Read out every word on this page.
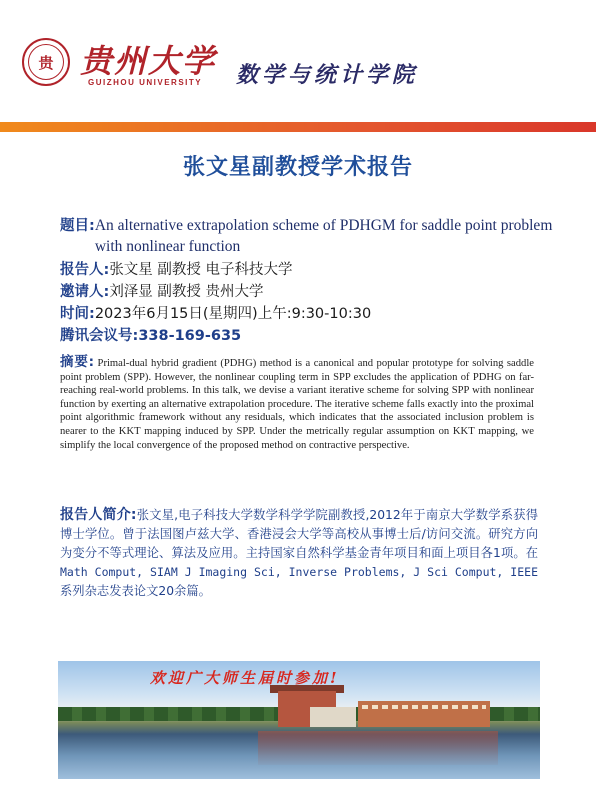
贵 贵州大学
GUIZHOU UNIVERSITY 数学与统计学院
张文星副教授学术报告
题目: An alternative extrapolation scheme of PDHGM for saddle point problem with nonlinear function
报告人:张文星 副教授 电子科技大学
邀请人:刘泽显 副教授 贵州大学
时间:2023年6月15日(星期四)上午:9:30-10:30
腾讯会议号:338-169-635
摘要: Primal-dual hybrid gradient (PDHG) method is a canonical and popular prototype for solving saddle point problem (SPP). However, the nonlinear coupling term in SPP excludes the application of PDHG on far-reaching real-world problems. In this talk, we devise a variant iterative scheme for solving SPP with nonlinear function by exerting an alternative extrapolation procedure. The iterative scheme falls exactly into the proximal point algorithmic framework without any residuals, which indicates that the associated inclusion problem is nearer to the KKT mapping induced by SPP. Under the metrically regular assumption on KKT mapping, we simplify the local convergence of the proposed method on contractive perspective.
报告人简介:张文星,电子科技大学数学科学学院副教授,2012年于南京大学数学系获得博士学位。曾于法国图卢兹大学、香港浸会大学等高校从事博士后/访问交流。研究方向为变分不等式理论、算法及应用。主持国家自然科学基金青年项目和面上项目各1项。在Math Comput, SIAM J Imaging Sci, Inverse Problems, J Sci Comput, IEEE 系列杂志发表论文20余篇。
欢迎广大师生届时参加!
